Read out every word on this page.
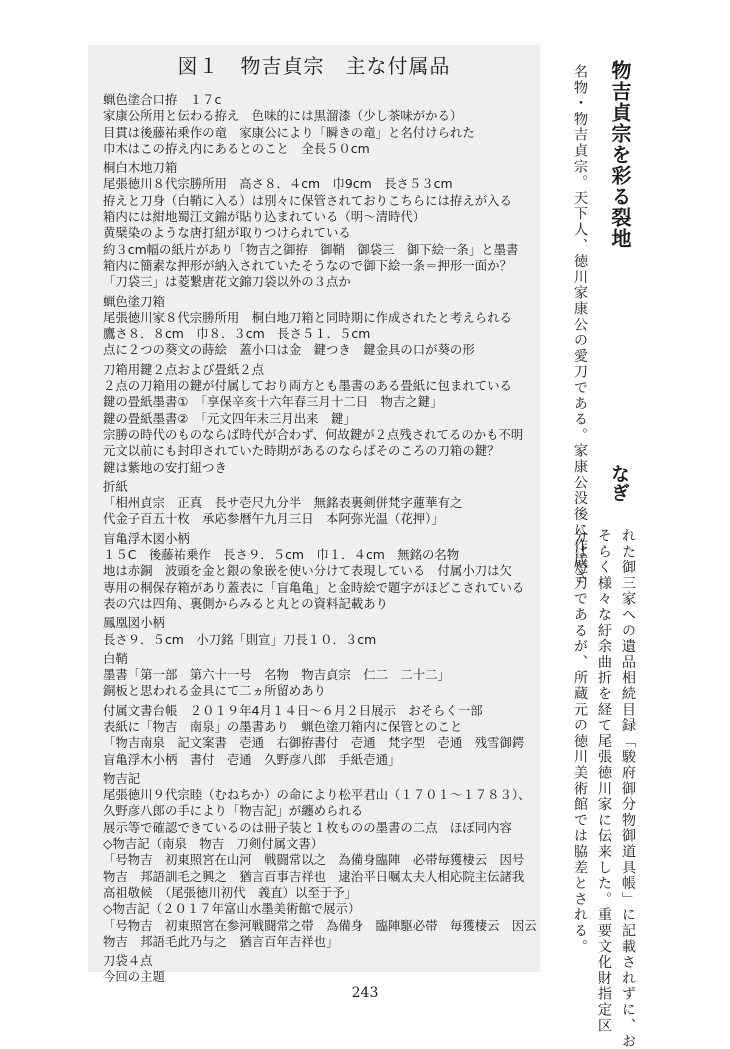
図１　物吉貞宗　主な付属品
蝋色塗合口拵　１７c
家康公所用と伝わる拵え　色味的には黒溜漆（少し茶味がかる）
目貫は後藤祐乗作の竜　家康公により「瞬きの竜」と名付けられた
巾木はこの拵え内にあるとのこと　全長５０cm
桐白木地刀箱
尾張徳川８代宗勝所用　高さ８．４cm　巾9cm　長さ５３cm
拵えと刀身（白鞘に入る）は別々に保管されておりこちらには拵えが入る
箱内には紺地蜀江文錦が貼り込まれている（明～清時代）
黄檗染のような唐打紐が取りつけられている
約３cm幅の紙片があり「物吉之御拵　御鞘　御袋三　御下絵一条」と墨書
箱内に簡素な押形が納入されていたそうなので御下絵一条＝押形一面か？
「刀袋三」は菱繋唐花文錦刀袋以外の３点か
蝋色塗刀箱
尾張徳川家８代宗勝所用　桐白地刀箱と同時期に作成されたと考えられる
鷹さ８．８cm　巾８．３cm　長さ５１．５cm
点に２つの葵文の蒔絵　蓋小口は金　鍵つき　鍵金具の口が葵の形
刀箱用鍵２点および畳紙２点
２点の刀箱用の鍵が付属しており両方とも墨書のある畳紙に包まれている
鍵の畳紙墨書①　「享保辛亥十六年春三月十二日　物吉之鍵」
鍵の畳紙墨書②　「元文四年未三月出来　鍵」
宗勝の時代のものならば時代が合わず、何故鍵が２点残されてるのかも不明
元文以前にも封印されていた時期があるのならばそのころの刀箱の鍵？
鍵は紫地の安打紐つき
折紙
「相州貞宗　正真　長サ壱尺九分半　無銘表裏剣併梵字蓮華有之
代金子百五十枚　承応参暦午九月三日　本阿弥光温（花押）」
盲亀浮木図小柄
１５C　後藤祐乗作　長さ９．５cm　巾１．４cm　無銘の名物
地は赤銅　波頭を金と銀の象嵌を使い分けて表現している　付属小刀は欠
専用の桐保存箱があり蓋表に「盲亀亀」と金時絵で題字がほどこされている
表の穴は四角、裏側からみると丸との資料記載あり
鳳凰図小柄
長さ９．５cm　小刀銘「則宣」刀長１０．３cm
白鞘
墨書「第一部　第六十一号　名物　物吉貞宗　仁二　二十二」
銅板と思われる金具にて二ヵ所留めあり
付属文書台帳　２０１９年4月１４日～６月２日展示　おそらく一部
表紙に「物吉　南泉」の墨書あり　蝋色塗刀箱内に保管とのこと
「物吉南泉　記文案書　壱通　右御拵書付　壱通　梵字型　壱通　残雪御鍔
盲亀浮木小柄　書付　壱通　久野彦八郎　手紙壱通」
物吉記
尾張徳川９代宗睦（むねちか）の命により松平君山（１７０１～１７８３）、
久野彦八郎の手により「物吉記」が纏められる
展示等で確認できているのは冊子装と１枚ものの墨書の二点　ほぼ同内容
◇物吉記（南泉　物吉　刀剣付属文書）
「号物吉　初東照宮在山河　戦闘常以之　為備身臨陣　必帯毎獲棲云　因号
物吉　邦語訓毛之興之　猶言百事吉祥也　逮治平日嘱太夫人相応院主伝諸我
高祖敬候　（尾張徳川初代　義直）以至于予」
◇物吉記（２０１７年富山水墨美術館で展示）
「号物吉　初東照宮在参河戦闘常之帯　為備身　臨陣駆必帯　毎獲棲云　因云
物吉　邦語毛此乃与之　猶言百年吉祥也」
刀袋４点
今回の主題
物吉貞宗を彩る裂地
なぎ
名物・物吉貞宗。天下人、徳川家康公の愛刀である。家康公没後に作成さ
れた御三家への遺品相続目録「駿府御分物御道具帳」に記載されずに、お
そらく様々な紆余曲折を経て尾張徳川家に伝来した。重要文化財指定区
分は短刀であるが、所蔵元の徳川美術館では脇差とされる。
243
